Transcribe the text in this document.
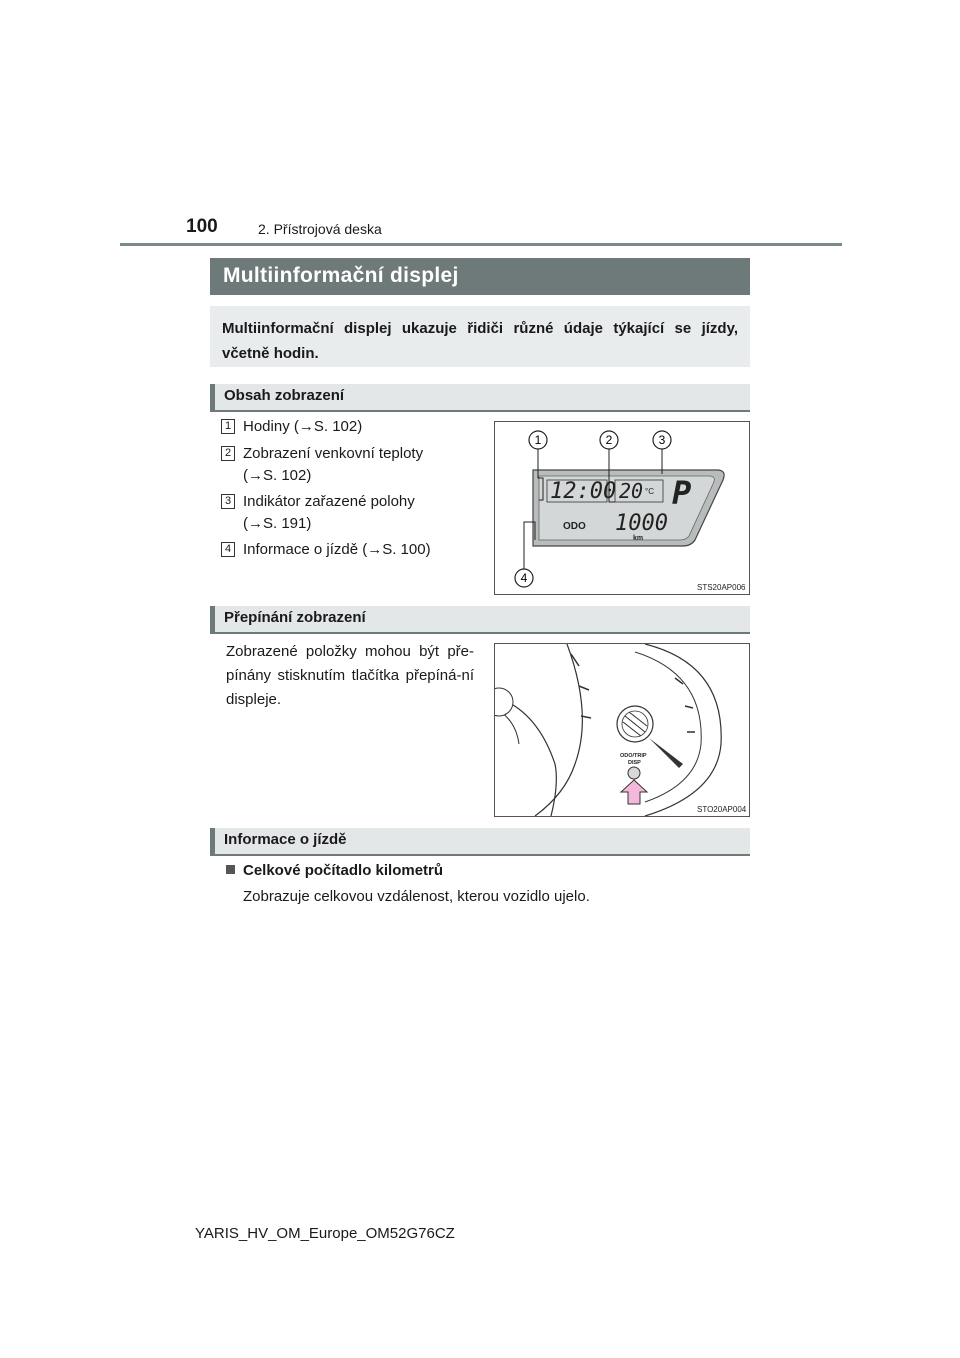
100	2. Přístrojová deska
Multiinformační displej
Multiinformační displej ukazuje řidiči různé údaje týkající se jízdy, včetně hodin.
Obsah zobrazení
1 Hodiny (→S. 102)
2 Zobrazení venkovní teploty
(→S. 102)
3 Indikátor zařazené polohy
(→S. 191)
4 Informace o jízdě (→S. 100)
1	2	3
4
12:00 20 °C P
ODO 1000
km
STS20AP006
Přepínání zobrazení
Zobrazené položky mohou být pře-pínány stisknutím tlačítka přepíná-ní displeje.
ODO/TRIP
DISP
STO20AP004
Informace o jízdě
Celkové počítadlo kilometrů
Zobrazuje celkovou vzdálenost, kterou vozidlo ujelo.
YARIS_HV_OM_Europe_OM52G76CZ
